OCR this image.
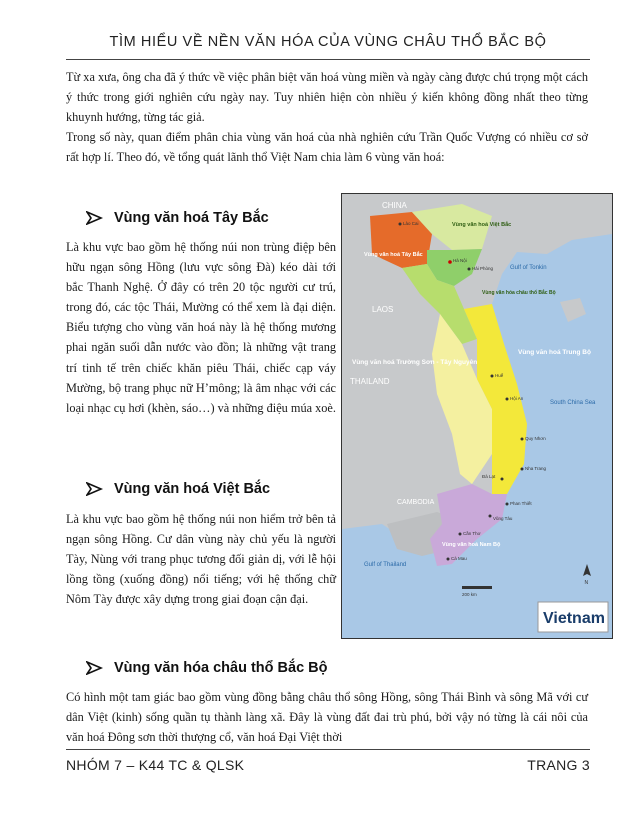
TÌM HIỂU VỀ NỀN VĂN HÓA CỦA VÙNG CHÂU THỔ BẮC BỘ

Từ xa xưa, ông cha đã ý thức về việc phân biệt văn hoá vùng miền và ngày càng được chú trọng một cách ý thức trong giới nghiên cứu ngày nay. Tuy nhiên hiện còn nhiều ý kiến không đồng nhất theo từng khuynh hướng, từng tác giả.

Trong số này, quan điểm phân chia vùng văn hoá của nhà nghiên cứu Trần Quốc Vượng có nhiều cơ sở rất hợp lí. Theo đó, về tổng quát lãnh thổ Việt Nam chia làm 6 vùng văn hoá:

Vùng văn hoá Tây Bắc

Là khu vực bao gồm hệ thống núi non trùng điệp bên hữu ngạn sông Hồng (lưu vực sông Đà) kéo dài tới bắc Thanh Nghệ. Ở đây có trên 20 tộc người cư trú, trong đó, các tộc Thái, Mường có thể xem là đại diện. Biểu tượng cho vùng văn hoá này là hệ thống mương phai ngăn suối dẫn nước vào đồn; là những vật trang trí tinh tế trên chiếc khăn piêu Thái, chiếc cạp váy Mường, bộ trang phục nữ H’mông; là âm nhạc với các loại nhạc cụ hơi (khèn, sáo…) và những điệu múa xoè.

Vùng văn hoá Việt Bắc

Là khu vực bao gồm hệ thống núi non hiểm trở bên tả ngạn sông Hồng. Cư dân vùng này chủ yếu là người Tày, Nùng với trang phục tương đối giản dị, với lễ hội lồng tồng (xuống đồng) nổi tiếng; với hệ thống chữ Nôm Tày được xây dựng trong giai đoạn cận đại.

Vùng văn hóa châu thổ Bắc Bộ

Có hình một tam giác bao gồm vùng đồng bằng châu thổ sông Hồng, sông Thái Bình và sông Mã với cư dân Việt (kinh) sống quần tụ thành làng xã. Đây là vùng đất đai trù phú, bởi vậy nó từng là cái nôi của văn hoá Đông sơn thời thượng cổ, văn hoá Đại Việt thời

CHINA
LAOS
THAILAND
CAMBODIA
Gulf of Thailand
Gulf of Tonkin
South China Sea
Vùng văn hoá Tây Bắc
Vùng văn hoá Việt Bắc
Vùng văn hóa châu thổ Bắc Bộ
Vùng văn hoá Trường Sơn - Tây Nguyên
Vùng văn hoá Trung Bộ
Vùng văn hoá Nam Bộ
Lào Cai
Hà Nội
Hải Phòng
Huế
Hội An
Quy Nhơn
Nha Trang
Đà Lạt
Phan Thiết
Vũng Tàu
Cần Thơ
Cà Mau
200 km
N
Vietnam
NHÓM 7 – K44 TC & QLSK	TRANG 3
